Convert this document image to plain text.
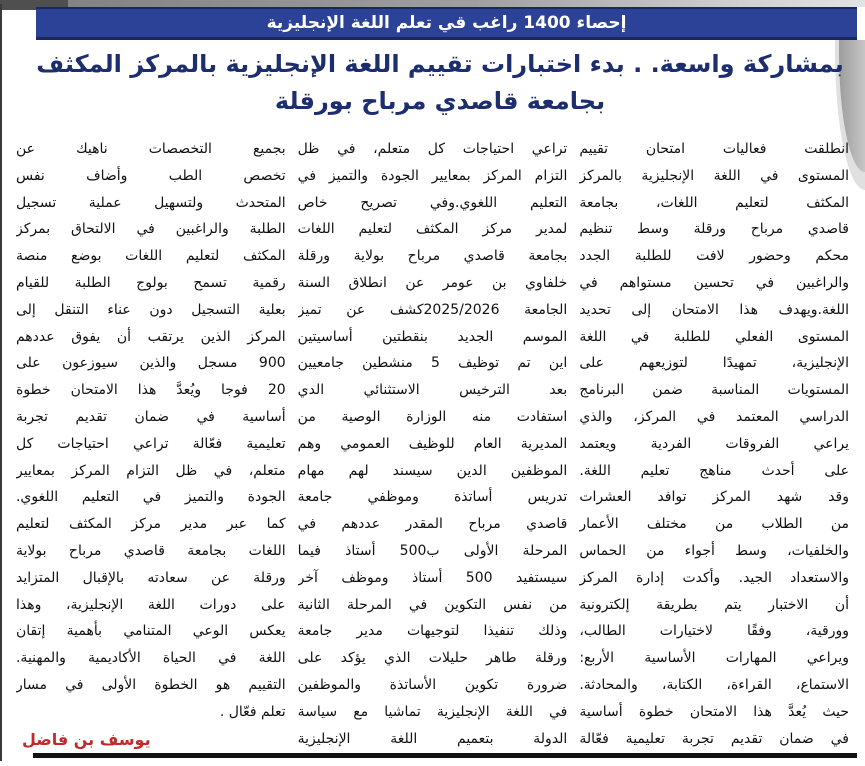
إحصاء 1400 راغب قي تعلم اللغة الإنجليزية
بمشاركة واسعة. . بدء اختبارات تقييم اللغة الإنجليزية بالمركز المكثف
بجامعة قاصدي مرباح بورقلة
انطلقت فعاليات امتحان تقييم
المستوى في اللغة الإنجليزية بالمركز
المكثف لتعليم اللغات، بجامعة
قاصدي مرباح ورقلة وسط تنظيم
محكم وحضور لافت للطلبة الجدد
والراغبين في تحسين مستواهم في
اللغة.ويهدف هذا الامتحان إلى تحديد
المستوى الفعلي للطلبة في اللغة
الإنجليزية، تمهيدًا لتوزيعهم على
المستويات المناسبة ضمن البرنامج
الدراسي المعتمد في المركز، والذي
يراعي الفروقات الفردية ويعتمد
على أحدث مناهج تعليم اللغة.
وقد شهد المركز توافد العشرات
من الطلاب من مختلف الأعمار
والخلفيات، وسط أجواء من الحماس
والاستعداد الجيد. وأكدت إدارة المركز
أن الاختبار يتم بطريقة إلكترونية
وورقية، وفقًا لاختيارات الطالب،
ويراعي المهارات الأساسية الأربع:
الاستماع، القراءة، الكتابة، والمحادثة.
حيث يُعدَّ هذا الامتحان خطوة أساسية
في ضمان تقديم تجربة تعليمية فعّالة
تراعي احتياجات كل متعلم، في ظل
التزام المركز بمعايير الجودة والتميز في
التعليم اللغوي.وفي تصريح خاص
لمدير مركز المكثف لتعليم اللغات
بجامعة قاصدي مرباح بولاية ورقلة
خلفاوي بن عومر عن انطلاق السنة
الجامعة 2025/2026كشف عن تميز
الموسم الجديد بنقطتين أساسيتين
اين تم توظيف 5 منشطين جامعيين
بعد الترخيس الاستثنائي الدي
استفادت منه الوزارة الوصية من
المديرية العام للوظيف العمومي وهم
الموظفين الدين سيسند لهم مهام
تدريس أساتذة وموظفي جامعة
قاصدي مرباح المقدر عددهم في
المرحلة الأولى ب500 أستاذ فيما
سيستفيد 500 أستاذ وموظف آخر
من نفس التكوين في المرحلة الثانية
وذلك تنفيذا لتوجيهات مدير جامعة
ورقلة طاهر حليلات الذي يؤكد على
ضرورة تكوين الأساتذة والموظفين
في اللغة الإنجليزية تماشيا مع سياسة
الدولة بتعميم اللغة الإنجليزية
بجميع التخصصات ناهيك عن
تخصص الطب وأضاف نفس
المتحدث ولتسهيل عملية تسجيل
الطلبة والراغبين في الالتحاق بمركز
المكثف لتعليم اللغات بوضع منصة
رقمية تسمح بولوج الطلبة للقيام
بعلية التسجيل دون عناء التنقل إلى
المركز الذين يرتقب أن يفوق عددهم
900 مسجل والذين سيوزعون على
20 فوجا ويُعدَّ هذا الامتحان خطوة
أساسية في ضمان تقديم تجربة
تعليمية فعّالة تراعي احتياجات كل
متعلم، في ظل التزام المركز بمعايير
الجودة والتميز في التعليم اللغوي.
كما عبر مدير مركز المكثف لتعليم
اللغات بجامعة قاصدي مرباح بولاية
ورقلة عن سعادته بالإقبال المتزايد
على دورات اللغة الإنجليزية، وهذا
يعكس الوعي المتنامي بأهمية إتقان
اللغة في الحياة الأكاديمية والمهنية.
التقييم هو الخطوة الأولى في مسار
تعلم فعّال .
يوسف بن فاضل
